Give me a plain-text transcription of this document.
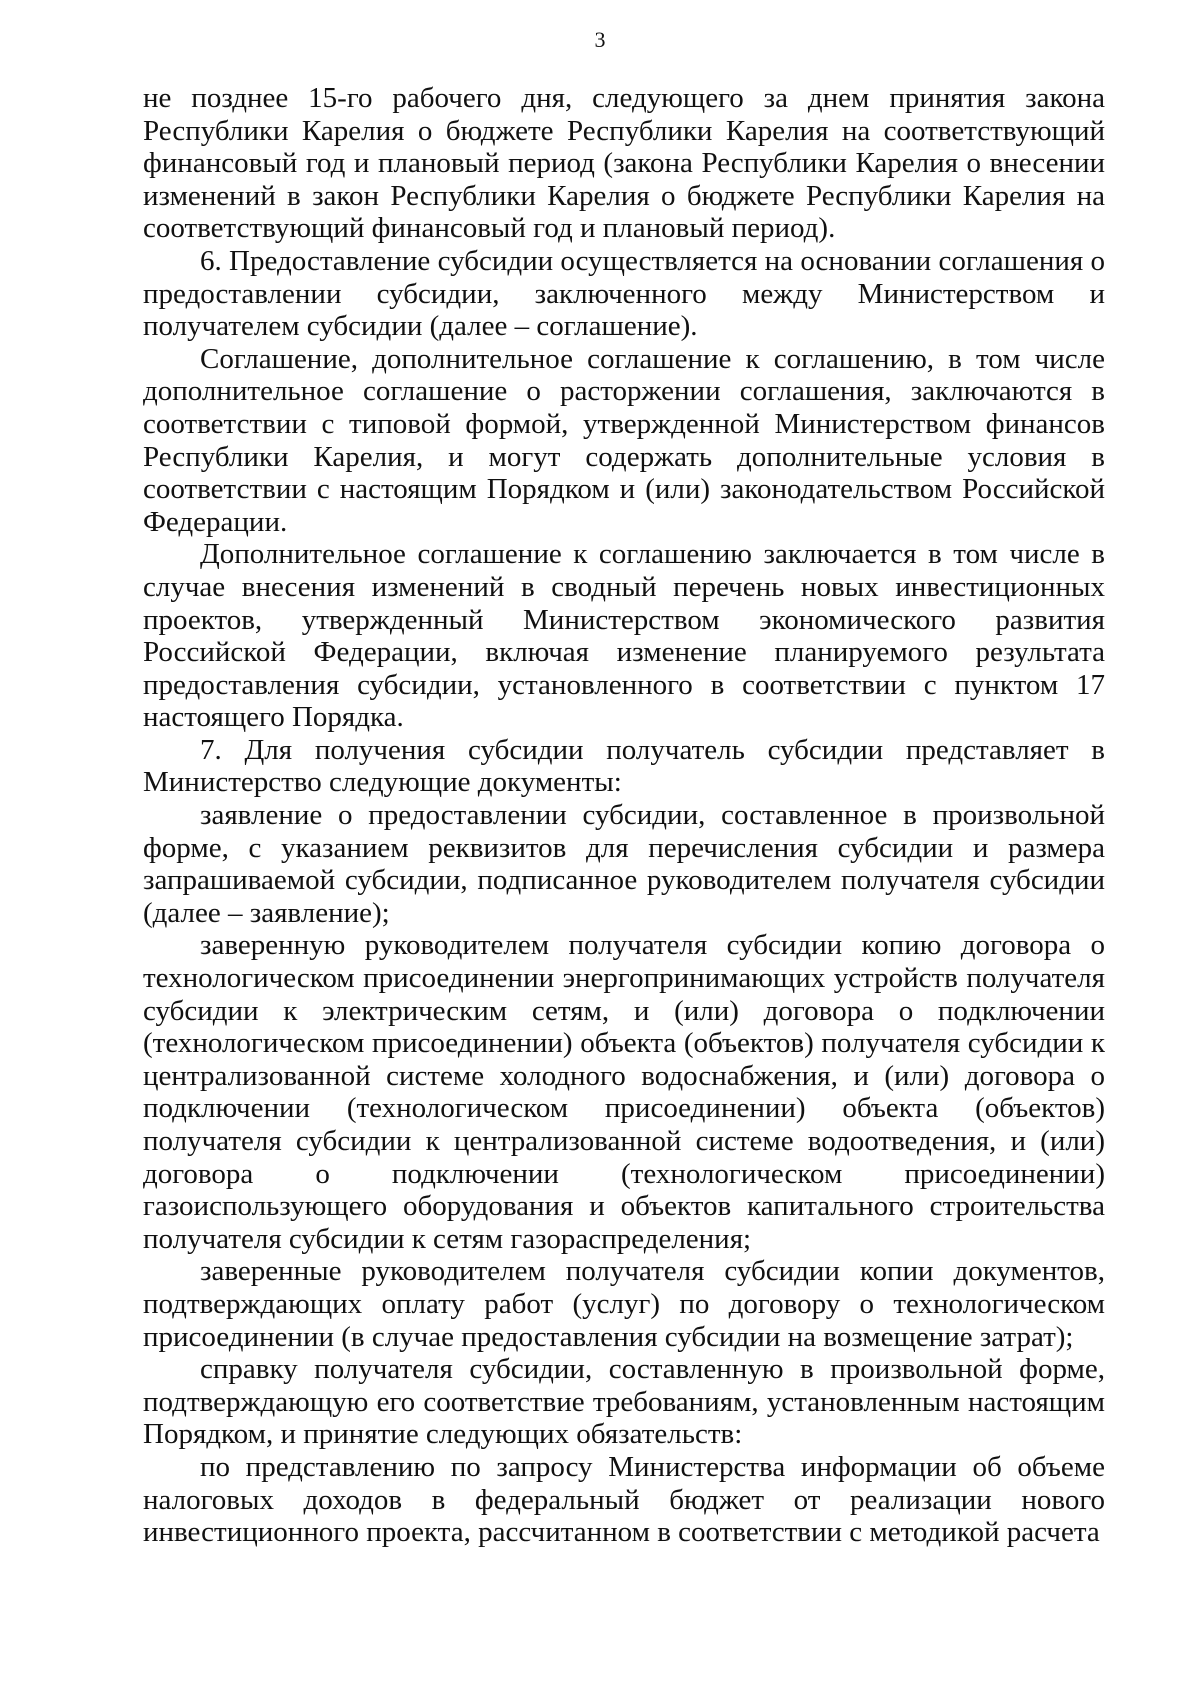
3

не позднее 15-го рабочего дня, следующего за днем принятия закона Республики Карелия о бюджете Республики Карелия на соответствующий финансовый год и плановый период (закона Республики Карелия о внесении изменений в закон Республики Карелия о бюджете Республики Карелия на соответствующий финансовый год и плановый период).

6. Предоставление субсидии осуществляется на основании соглашения о предоставлении субсидии, заключенного между Министерством и получателем субсидии (далее – соглашение).

Соглашение, дополнительное соглашение к соглашению, в том числе дополнительное соглашение о расторжении соглашения, заключаются в соответствии с типовой формой, утвержденной Министерством финансов Республики Карелия, и могут содержать дополнительные условия в соответствии с настоящим Порядком и (или) законодательством Российской Федерации.

Дополнительное соглашение к соглашению заключается в том числе в случае внесения изменений в сводный перечень новых инвестиционных проектов, утвержденный Министерством экономического развития Российской Федерации, включая изменение планируемого результата предоставления субсидии, установленного в соответствии с пунктом 17 настоящего Порядка.

7. Для получения субсидии получатель субсидии представляет в Министерство следующие документы:

заявление о предоставлении субсидии, составленное в произвольной форме, с указанием реквизитов для перечисления субсидии и размера запрашиваемой субсидии, подписанное руководителем получателя субсидии (далее – заявление);

заверенную руководителем получателя субсидии копию договора о технологическом присоединении энергопринимающих устройств получателя субсидии к электрическим сетям, и (или) договора о подключении (технологическом присоединении) объекта (объектов) получателя субсидии к централизованной системе холодного водоснабжения, и (или) договора о подключении (технологическом присоединении) объекта (объектов) получателя субсидии к централизованной системе водоотведения, и (или) договора о подключении (технологическом присоединении) газоиспользующего оборудования и объектов капитального строительства получателя субсидии к сетям газораспределения;

заверенные руководителем получателя субсидии копии документов, подтверждающих оплату работ (услуг) по договору о технологическом присоединении (в случае предоставления субсидии на возмещение затрат);

справку получателя субсидии, составленную в произвольной форме, подтверждающую его соответствие требованиям, установленным настоящим Порядком, и принятие следующих обязательств:

по представлению по запросу Министерства информации об объеме налоговых доходов в федеральный бюджет от реализации нового инвестиционного проекта, рассчитанном в соответствии с методикой расчета
